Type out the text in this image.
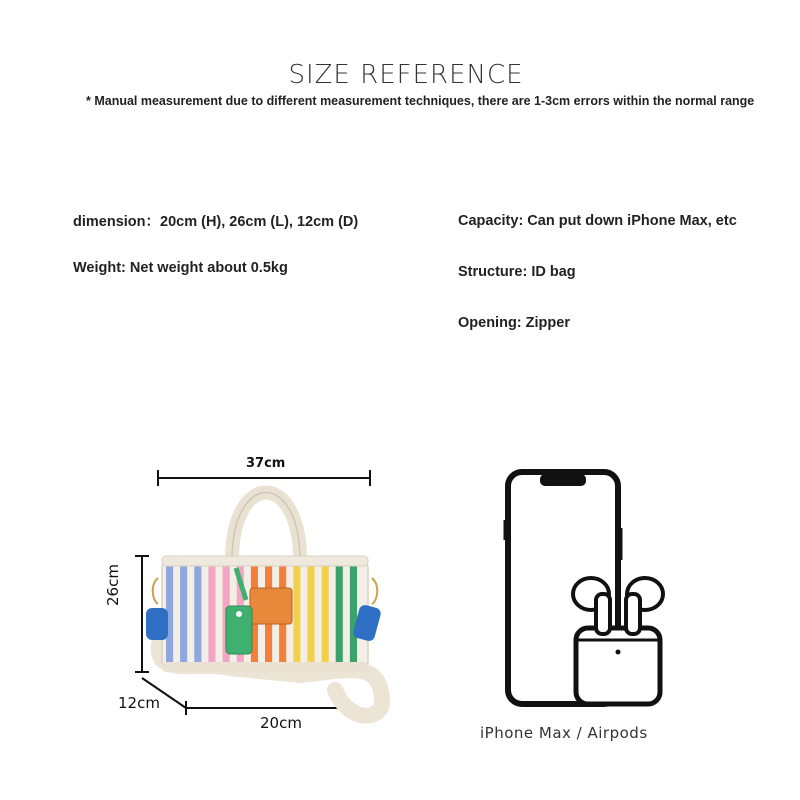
SIZE REFERENCE
* Manual measurement due to different measurement techniques, there are 1-3cm errors within the normal range
dimension：20cm (H), 26cm (L), 12cm (D)
Weight: Net weight about 0.5kg
Capacity: Can put down iPhone Max, etc
Structure: ID bag
Opening: Zipper
37cm
26cm
12cm
20cm
iPhone Max / Airpods
